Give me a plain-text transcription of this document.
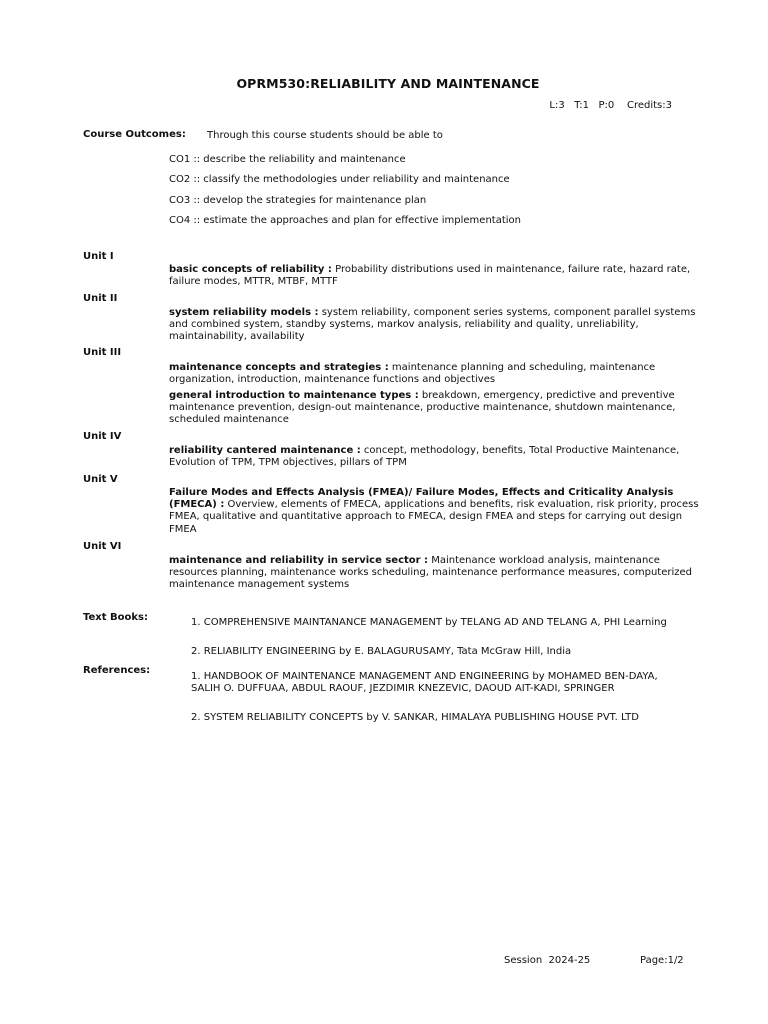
OPRM530:RELIABILITY AND MAINTENANCE
L:3   T:1   P:0    Credits:3
Course Outcomes: Through this course students should be able to
CO1 :: describe the reliability and maintenance
CO2 :: classify the methodologies under reliability and maintenance
CO3 :: develop the strategies for maintenance plan
CO4 :: estimate the approaches and plan for effective implementation
Unit I
basic concepts of reliability : Probability distributions used in maintenance, failure rate, hazard rate, failure modes, MTTR, MTBF, MTTF
Unit II
system reliability models : system reliability, component series systems, component parallel systems and combined system, standby systems, markov analysis, reliability and quality, unreliability, maintainability, availability
Unit III
maintenance concepts and strategies : maintenance planning and scheduling, maintenance organization, introduction, maintenance functions and objectives
general introduction to maintenance types : breakdown, emergency, predictive and preventive maintenance prevention, design-out maintenance, productive maintenance, shutdown maintenance, scheduled maintenance
Unit IV
reliability cantered maintenance : concept, methodology, benefits, Total Productive Maintenance, Evolution of TPM, TPM objectives, pillars of TPM
Unit V
Failure Modes and Effects Analysis (FMEA)/ Failure Modes, Effects and Criticality Analysis (FMECA) : Overview, elements of FMECA, applications and benefits, risk evaluation, risk priority, process FMEA, qualitative and quantitative approach to FMECA, design FMEA and steps for carrying out design FMEA
Unit VI
maintenance and reliability in service sector : Maintenance workload analysis, maintenance resources planning, maintenance works scheduling, maintenance performance measures, computerized maintenance management systems
Text Books:	1. COMPREHENSIVE MAINTANANCE MANAGEMENT by TELANG AD AND TELANG A, PHI Learning
2. RELIABILITY ENGINEERING by E. BALAGURUSAMY, Tata McGraw Hill, India
References:
1. HANDBOOK OF MAINTENANCE MANAGEMENT AND ENGINEERING by MOHAMED BEN-DAYA, SALIH O. DUFFUAA, ABDUL RAOUF, JEZDIMIR KNEZEVIC, DAOUD AIT-KADI, SPRINGER
2. SYSTEM RELIABILITY CONCEPTS by V. SANKAR, HIMALAYA PUBLISHING HOUSE PVT. LTD
Session  2024-25	Page:1/2
